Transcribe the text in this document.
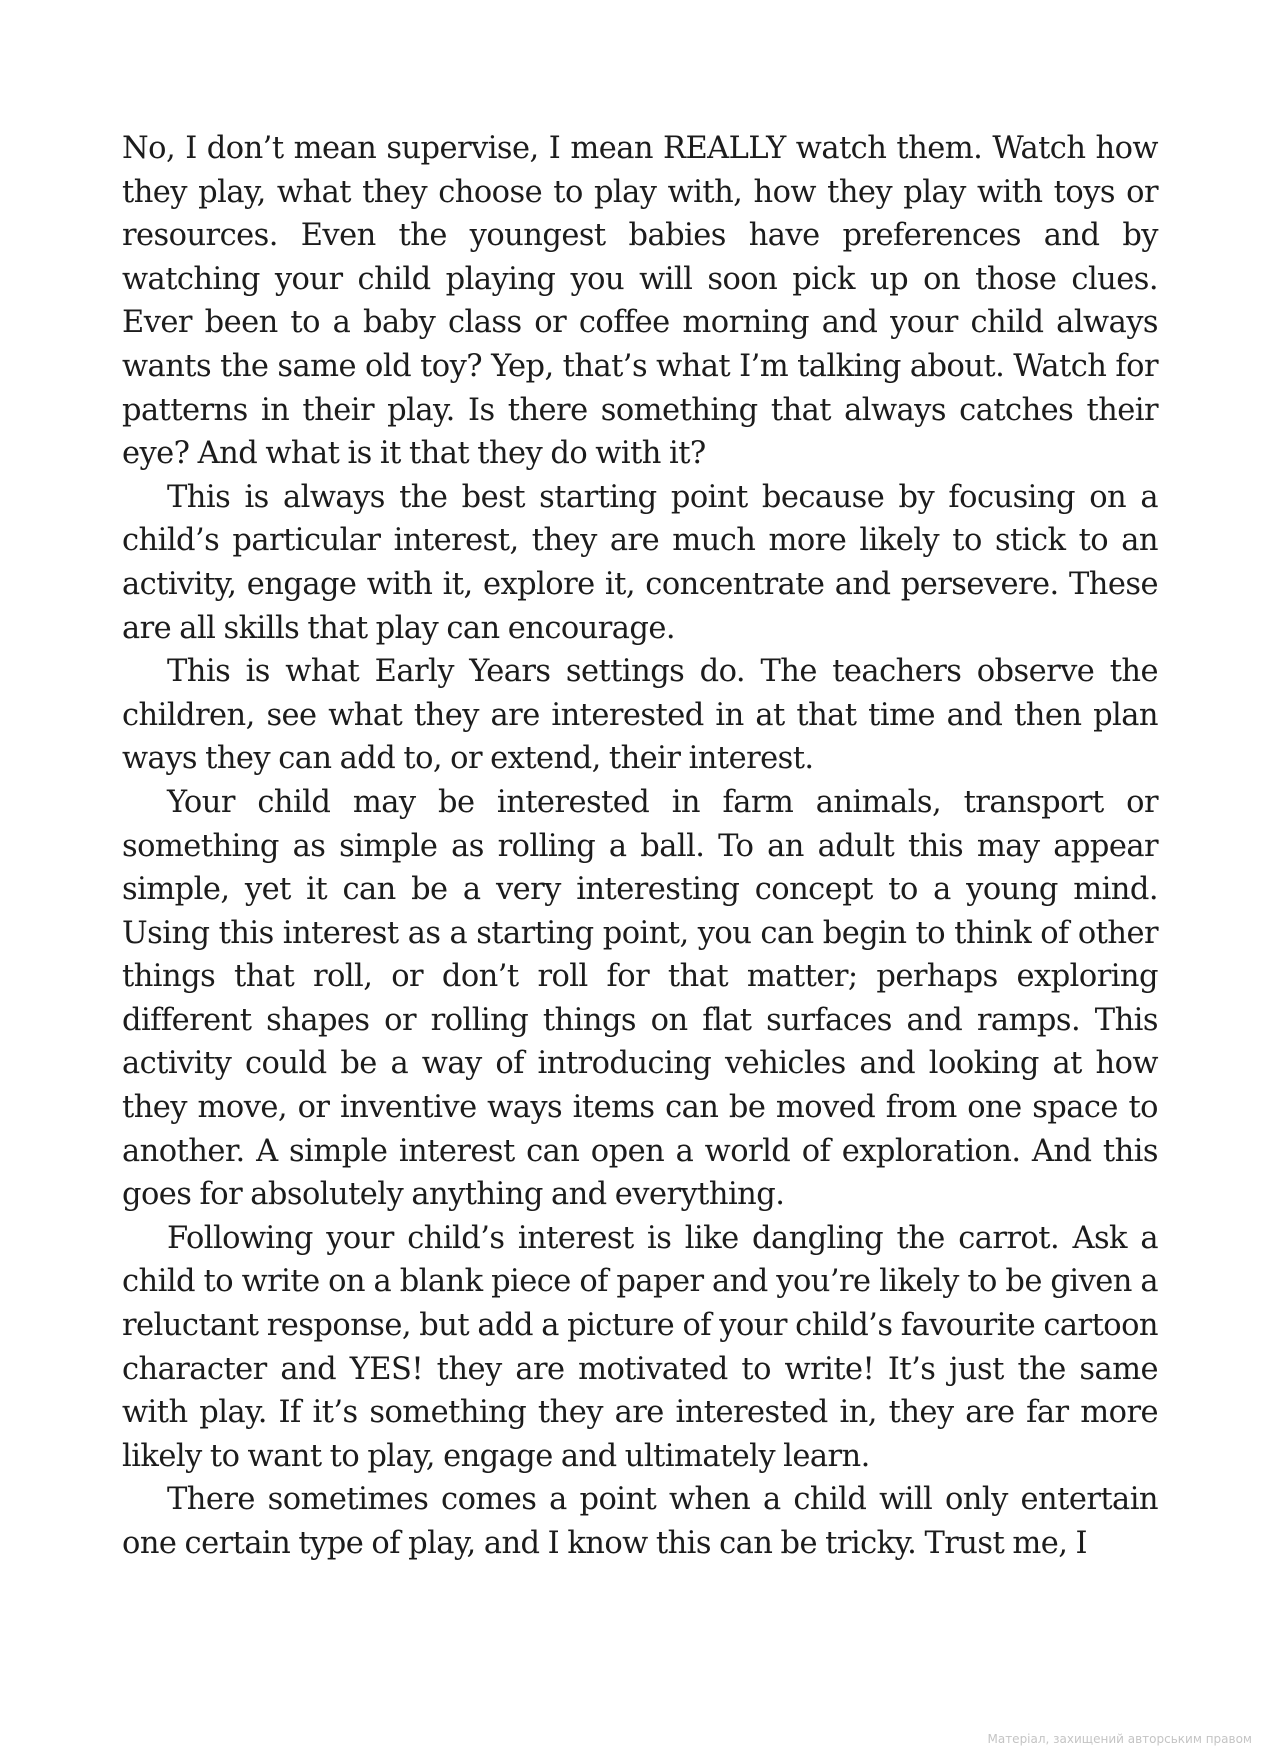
No, I don’t mean supervise, I mean REALLY watch them. Watch how they play, what they choose to play with, how they play with toys or resources. Even the youngest babies have preferences and by watching your child playing you will soon pick up on those clues. Ever been to a baby class or coffee morning and your child always wants the same old toy? Yep, that’s what I’m talking about. Watch for patterns in their play. Is there something that always catches their eye? And what is it that they do with it?

This is always the best starting point because by focusing on a child’s particular interest, they are much more likely to stick to an activity, engage with it, explore it, concentrate and persevere. These are all skills that play can encourage.

This is what Early Years settings do. The teachers observe the children, see what they are interested in at that time and then plan ways they can add to, or extend, their interest.

Your child may be interested in farm animals, transport or something as simple as rolling a ball. To an adult this may appear simple, yet it can be a very interesting concept to a young mind. Using this interest as a starting point, you can begin to think of other things that roll, or don’t roll for that matter; perhaps exploring different shapes or rolling things on flat surfaces and ramps. This activity could be a way of introducing vehicles and looking at how they move, or inventive ways items can be moved from one space to another. A simple interest can open a world of exploration. And this goes for absolutely anything and everything.

Following your child’s interest is like dangling the carrot. Ask a child to write on a blank piece of paper and you’re likely to be given a reluctant response, but add a picture of your child’s favourite cartoon character and YES! they are motivated to write! It’s just the same with play. If it’s something they are interested in, they are far more likely to want to play, engage and ultimately learn.

There sometimes comes a point when a child will only entertain one certain type of play, and I know this can be tricky. Trust me, I

Матеріал, захищений авторським правом
